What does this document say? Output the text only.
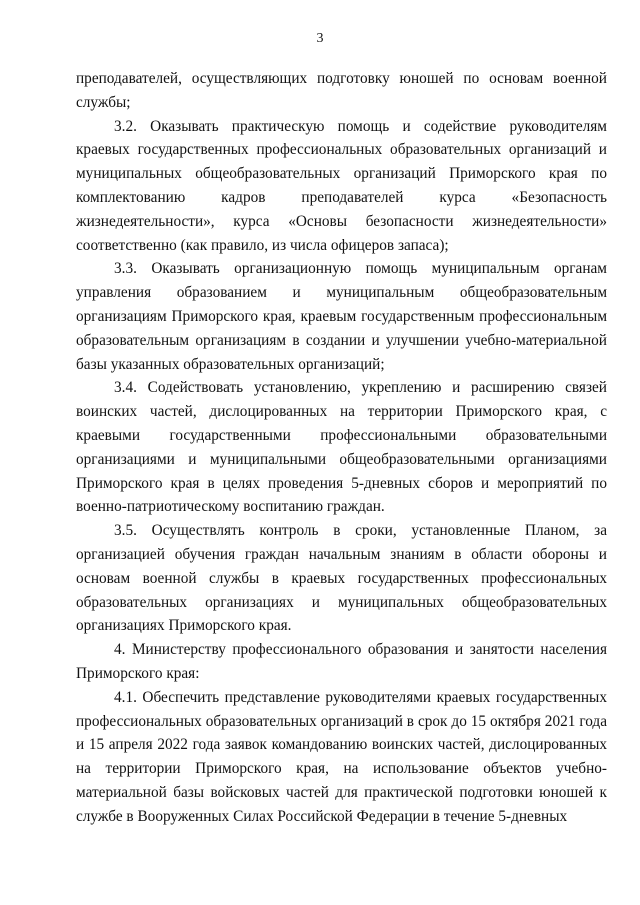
3

преподавателей, осуществляющих подготовку юношей по основам военной службы;

3.2. Оказывать практическую помощь и содействие руководителям краевых государственных профессиональных образовательных организаций и муниципальных общеобразовательных организаций Приморского края по комплектованию кадров преподавателей курса «Безопасность жизнедеятельности», курса «Основы безопасности жизнедеятельности» соответственно (как правило, из числа офицеров запаса);

3.3. Оказывать организационную помощь муниципальным органам управления образованием и муниципальным общеобразовательным организациям Приморского края, краевым государственным профессиональным образовательным организациям в создании и улучшении учебно-материальной базы указанных образовательных организаций;

3.4. Содействовать установлению, укреплению и расширению связей воинских частей, дислоцированных на территории Приморского края, с краевыми государственными профессиональными образовательными организациями и муниципальными общеобразовательными организациями Приморского края в целях проведения 5-дневных сборов и мероприятий по военно-патриотическому воспитанию граждан.

3.5. Осуществлять контроль в сроки, установленные Планом, за организацией обучения граждан начальным знаниям в области обороны и основам военной службы в краевых государственных профессиональных образовательных организациях и муниципальных общеобразовательных организациях Приморского края.

4. Министерству профессионального образования и занятости населения Приморского края:

4.1. Обеспечить представление руководителями краевых государственных профессиональных образовательных организаций в срок до 15 октября 2021 года и 15 апреля 2022 года заявок командованию воинских частей, дислоцированных на территории Приморского края, на использование объектов учебно-материальной базы войсковых частей для практической подготовки юношей к службе в Вооруженных Силах Российской Федерации в течение 5-дневных
